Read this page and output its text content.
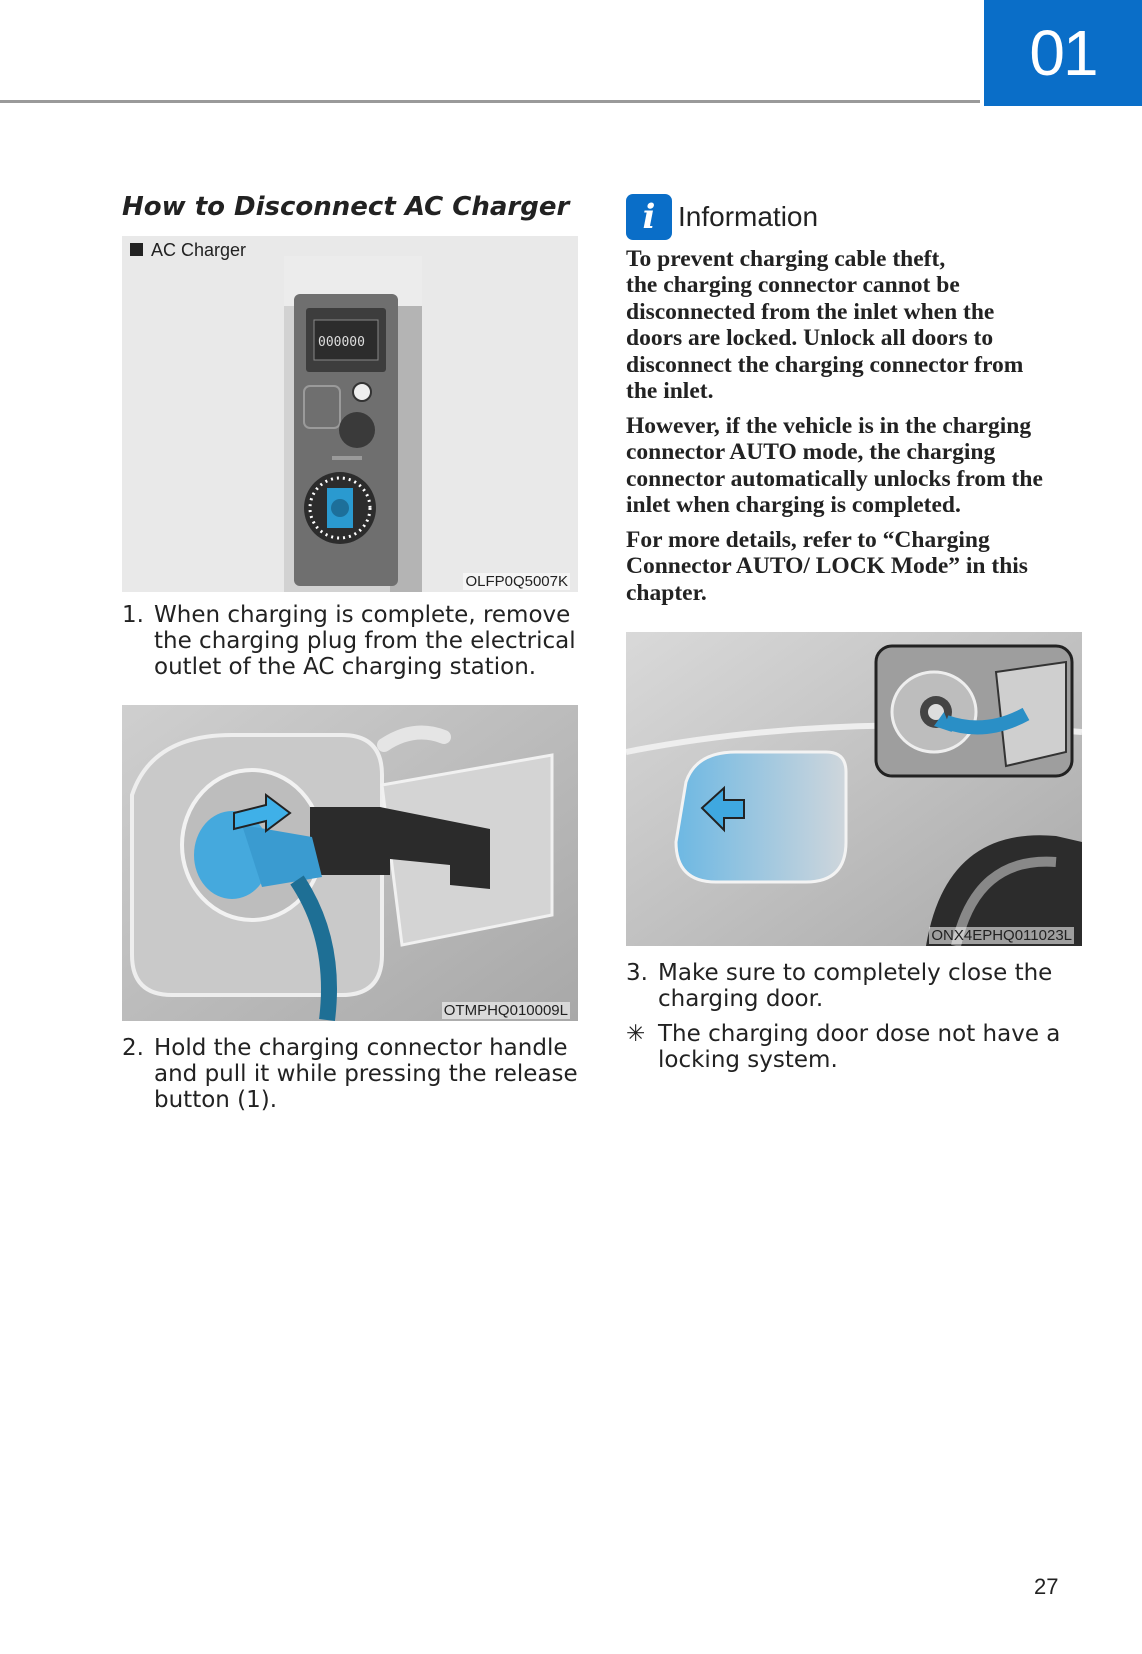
01
How to Disconnect AC Charger
000000
AC Charger
OLFP0Q5007K
1. When charging is complete, remove
the charging plug from the electrical
outlet of the AC charging station.
OTMPHQ010009L
2. Hold the charging connector handle
and pull it while pressing the release
button (1).
i Information
To prevent charging cable theft,
the charging connector cannot be
disconnected from the inlet when the
doors are locked. Unlock all doors to
disconnect the charging connector from
the inlet.
However, if the vehicle is in the charging
connector AUTO mode, the charging
connector automatically unlocks from the
inlet when charging is completed.
For more details, refer to “Charging
Connector AUTO/ LOCK Mode” in this
chapter.
ONX4EPHQ011023L
3. Make sure to completely close the
charging door.
✳ The charging door dose not have a
locking system.
27
